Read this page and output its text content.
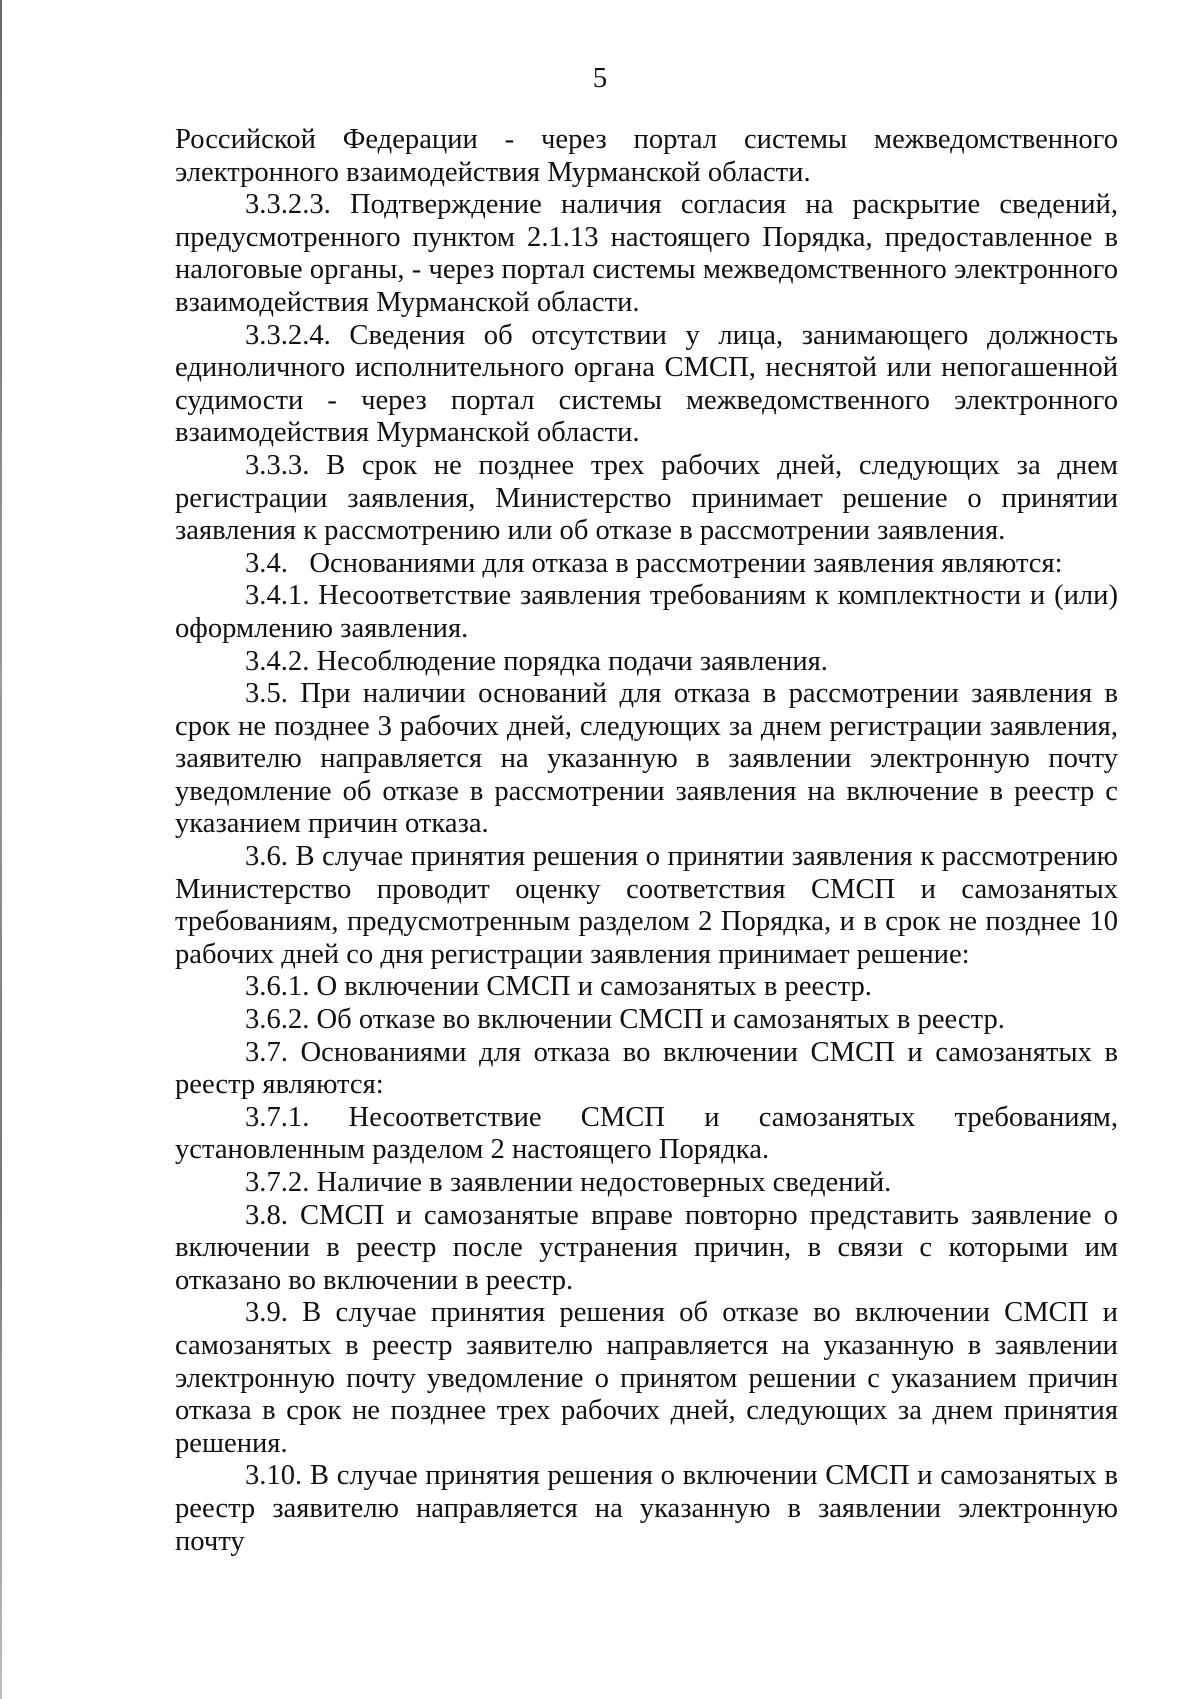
5

Российской Федерации - через портал системы межведомственного электронного взаимодействия Мурманской области.

3.3.2.3. Подтверждение наличия согласия на раскрытие сведений, предусмотренного пунктом 2.1.13 настоящего Порядка, предоставленное в налоговые органы, - через портал системы межведомственного электронного взаимодействия Мурманской области.

3.3.2.4. Сведения об отсутствии у лица, занимающего должность единоличного исполнительного органа СМСП, неснятой или непогашенной судимости - через портал системы межведомственного электронного взаимодействия Мурманской области.

3.3.3. В срок не позднее трех рабочих дней, следующих за днем регистрации заявления, Министерство принимает решение о принятии заявления к рассмотрению или об отказе в рассмотрении заявления.

3.4.   Основаниями для отказа в рассмотрении заявления являются:

3.4.1. Несоответствие заявления требованиям к комплектности и (или) оформлению заявления.

3.4.2. Несоблюдение порядка подачи заявления.

3.5. При наличии оснований для отказа в рассмотрении заявления в срок не позднее 3 рабочих дней, следующих за днем регистрации заявления, заявителю направляется на указанную в заявлении электронную почту уведомление об отказе в рассмотрении заявления на включение в реестр с указанием причин отказа.

3.6. В случае принятия решения о принятии заявления к рассмотрению Министерство проводит оценку соответствия СМСП и самозанятых требованиям, предусмотренным разделом 2 Порядка, и в срок не позднее 10 рабочих дней со дня регистрации заявления принимает решение:

3.6.1. О включении СМСП и самозанятых в реестр.

3.6.2. Об отказе во включении СМСП и самозанятых в реестр.

3.7. Основаниями для отказа во включении СМСП и самозанятых в реестр являются:

3.7.1. Несоответствие СМСП и самозанятых требованиям, установленным разделом 2 настоящего Порядка.

3.7.2. Наличие в заявлении недостоверных сведений.

3.8. СМСП и самозанятые вправе повторно представить заявление о включении в реестр после устранения причин, в связи с которыми им отказано во включении в реестр.

3.9. В случае принятия решения об отказе во включении СМСП и самозанятых в реестр заявителю направляется на указанную в заявлении электронную почту уведомление о принятом решении с указанием причин отказа в срок не позднее трех рабочих дней, следующих за днем принятия решения.

3.10. В случае принятия решения о включении СМСП и самозанятых в реестр заявителю направляется на указанную в заявлении электронную почту
